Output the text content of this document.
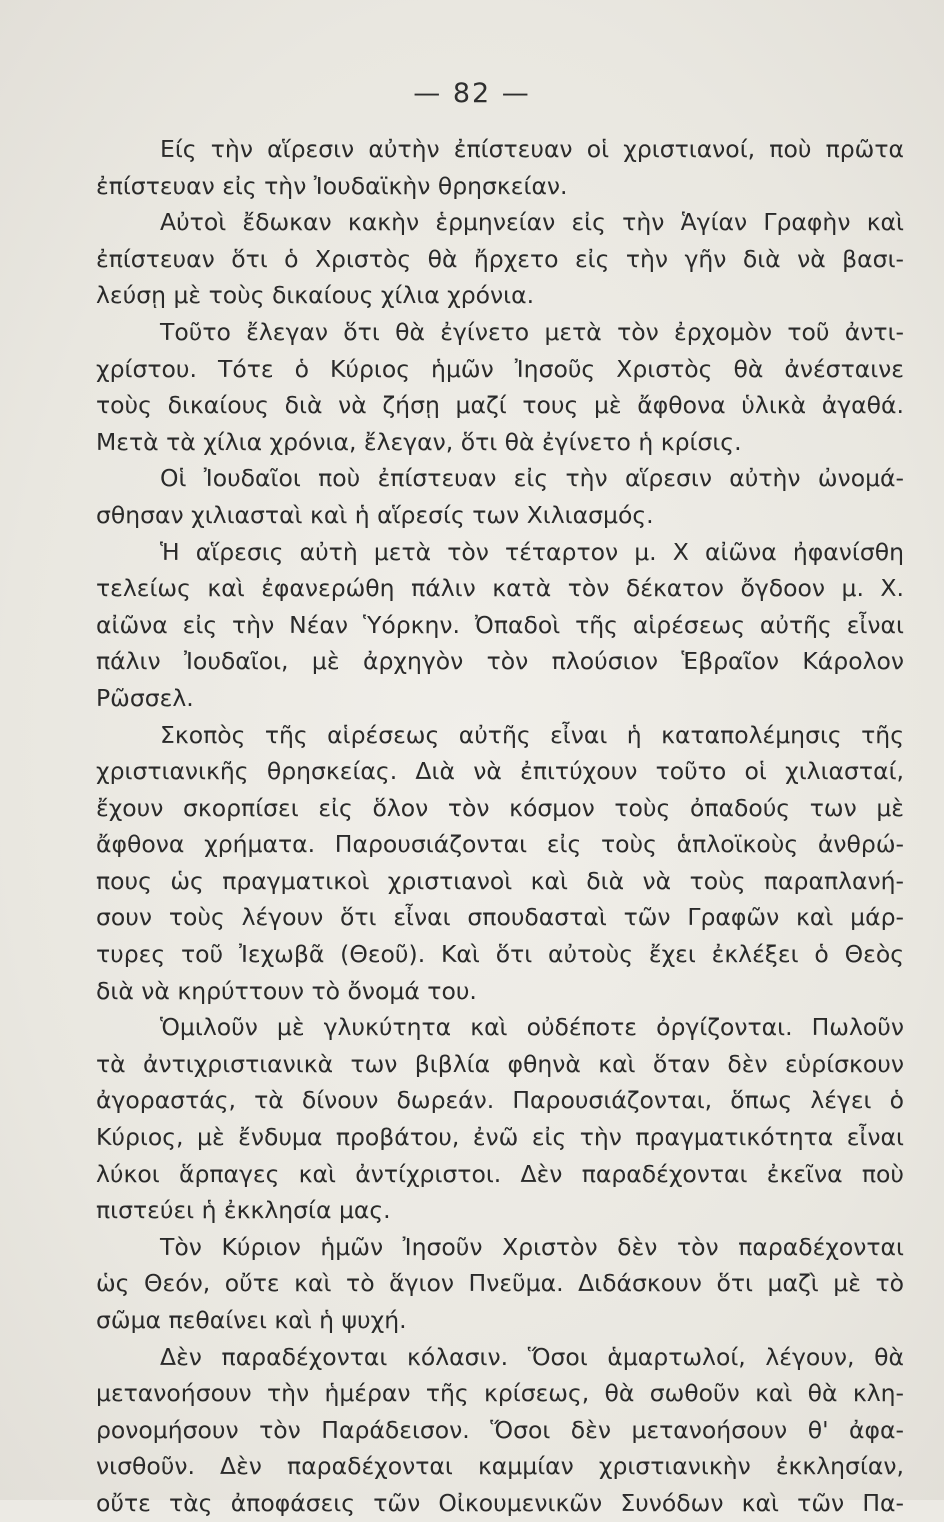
— 82 —
Είς τὴν αἵρεσιν αὐτὴν ἐπίστευαν οἱ χριστιανοί, ποὺ πρῶτα
ἐπίστευαν εἰς τὴν Ἰουδαϊκὴν θρησκείαν.
Αὐτοὶ ἔδωκαν κακὴν ἑρμηνείαν εἰς τὴν Ἁγίαν Γραφὴν καὶ
ἐπίστευαν ὅτι ὁ Χριστὸς θὰ ἤρχετο εἰς τὴν γῆν διὰ νὰ βασι-
λεύσῃ μὲ τοὺς δικαίους χίλια χρόνια.
Τοῦτο ἔλεγαν ὅτι θὰ ἐγίνετο μετὰ τὸν ἐρχομὸν τοῦ ἀντι-
χρίστου. Τότε ὁ Κύριος ἡμῶν Ἰησοῦς Χριστὸς θὰ ἀνέσταινε
τοὺς δικαίους διὰ νὰ ζήσῃ μαζί τους μὲ ἄφθονα ὑλικὰ ἀγαθά.
Μετὰ τὰ χίλια χρόνια, ἔλεγαν, ὅτι θὰ ἐγίνετο ἡ κρίσις.
Οἱ Ἰουδαῖοι ποὺ ἐπίστευαν εἰς τὴν αἵρεσιν αὐτὴν ὠνομά-
σθησαν χιλιασταὶ καὶ ἡ αἵρεσίς των Χιλιασμός.
Ἡ αἵρεσις αὐτὴ μετὰ τὸν τέταρτον μ. Χ αἰῶνα ἠφανίσθη
τελείως καὶ ἐφανερώθη πάλιν κατὰ τὸν δέκατον ὄγδοον μ. Χ.
αἰῶνα εἰς τὴν Νέαν Ὑόρκην. Ὀπαδοὶ τῆς αἱρέσεως αὐτῆς εἶναι
πάλιν Ἰουδαῖοι, μὲ ἀρχηγὸν τὸν πλούσιον Ἑβραῖον Κάρολον
Ρῶσσελ.
Σκοπὸς τῆς αἱρέσεως αὐτῆς εἶναι ἡ καταπολέμησις τῆς
χριστιανικῆς θρησκείας. Διὰ νὰ ἐπιτύχουν τοῦτο οἱ χιλιασταί,
ἔχουν σκορπίσει εἰς ὅλον τὸν κόσμον τοὺς ὀπαδούς των μὲ
ἄφθονα χρήματα. Παρουσιάζονται εἰς τοὺς ἁπλοϊκοὺς ἀνθρώ-
πους ὡς πραγματικοὶ χριστιανοὶ καὶ διὰ νὰ τοὺς παραπλανή-
σουν τοὺς λέγουν ὅτι εἶναι σπουδασταὶ τῶν Γραφῶν καὶ μάρ-
τυρες τοῦ Ἰεχωβᾶ (Θεοῦ). Καὶ ὅτι αὐτοὺς ἔχει ἐκλέξει ὁ Θεὸς
διὰ νὰ κηρύττουν τὸ ὄνομά του.
Ὁμιλοῦν μὲ γλυκύτητα καὶ οὐδέποτε ὀργίζονται. Πωλοῦν
τὰ ἀντιχριστιανικὰ των βιβλία φθηνὰ καὶ ὅταν δὲν εὑρίσκουν
ἀγοραστάς, τὰ δίνουν δωρεάν. Παρουσιάζονται, ὅπως λέγει ὁ
Κύριος, μὲ ἔνδυμα προβάτου, ἐνῶ εἰς τὴν πραγματικότητα εἶναι
λύκοι ἅρπαγες καὶ ἀντίχριστοι. Δὲν παραδέχονται ἐκεῖνα ποὺ
πιστεύει ἡ ἐκκλησία μας.
Τὸν Κύριον ἡμῶν Ἰησοῦν Χριστὸν δὲν τὸν παραδέχονται
ὡς Θεόν, οὔτε καὶ τὸ ἅγιον Πνεῦμα. Διδάσκουν ὅτι μαζὶ μὲ τὸ
σῶμα πεθαίνει καὶ ἡ ψυχή.
Δὲν παραδέχονται κόλασιν. Ὅσοι ἁμαρτωλοί, λέγουν, θὰ
μετανοήσουν τὴν ἡμέραν τῆς κρίσεως, θὰ σωθοῦν καὶ θὰ κλη-
ρονομήσουν τὸν Παράδεισον. Ὅσοι δὲν μετανοήσουν θ' ἀφα-
νισθοῦν. Δὲν παραδέχονται καμμίαν χριστιανικὴν ἐκκλησίαν,
οὔτε τὰς ἀποφάσεις τῶν Οἰκουμενικῶν Συνόδων καὶ τῶν Πα-
